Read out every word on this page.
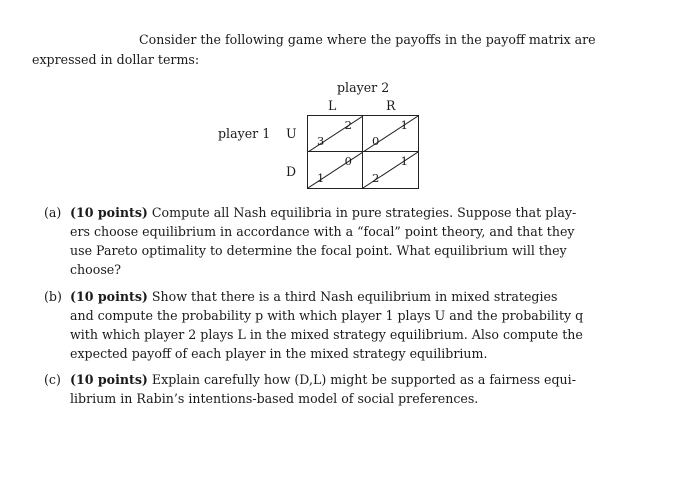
Consider the following game where the payoffs in the payoff matrix are
expressed in dollar terms:
player 2
L	R
player 1 U
D
3
2
0
1
1
0
2
1
(a) (10 points) Compute all Nash equilibria in pure strategies. Suppose that play-
ers choose equilibrium in accordance with a “focal” point theory, and that they
use Pareto optimality to determine the focal point. What equilibrium will they
choose?
(b) (10 points) Show that there is a third Nash equilibrium in mixed strategies
and compute the probability p with which player 1 plays U and the probability q
with which player 2 plays L in the mixed strategy equilibrium. Also compute the
expected payoff of each player in the mixed strategy equilibrium.
(c) (10 points) Explain carefully how (D,L) might be supported as a fairness equi-
librium in Rabin’s intentions-based model of social preferences.
